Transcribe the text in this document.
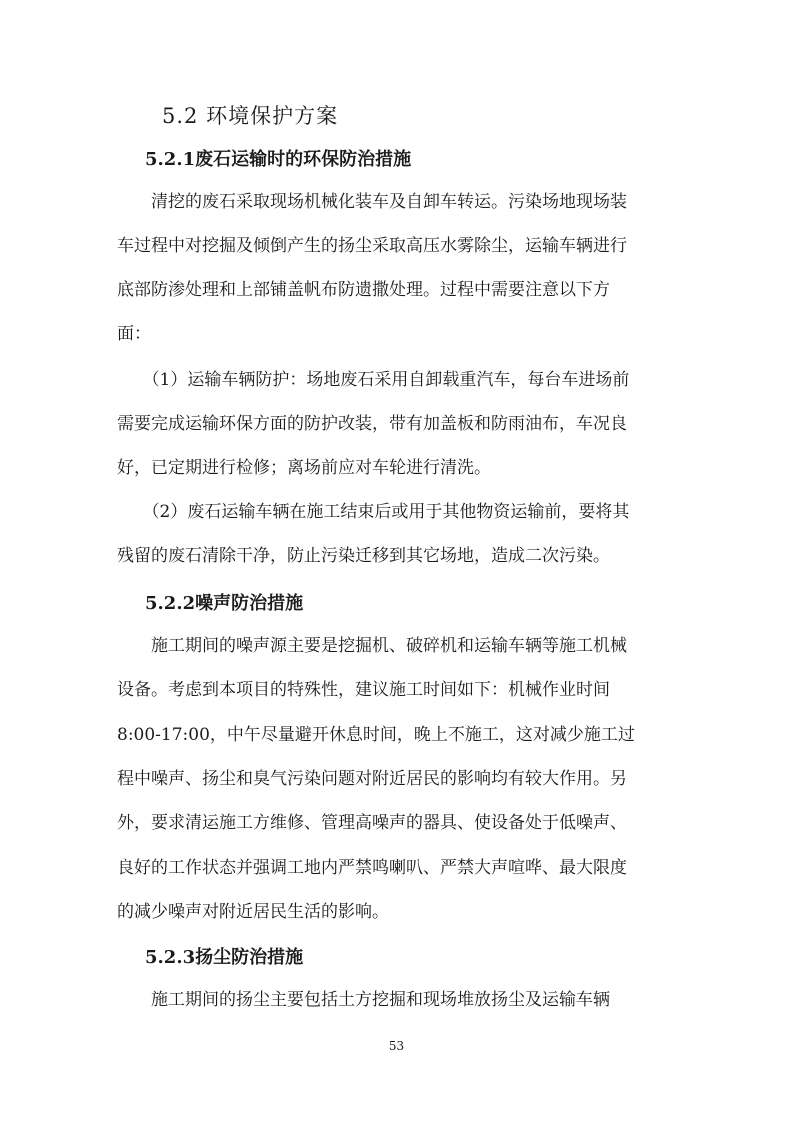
5.2 环境保护方案
5.2.1废石运输时的环保防治措施
　　清挖的废石采取现场机械化装车及自卸车转运。污染场地现场装
车过程中对挖掘及倾倒产生的扬尘采取高压水雾除尘，运输车辆进行
底部防渗处理和上部铺盖帆布防遗撒处理。过程中需要注意以下方
面：
　　（1）运输车辆防护：场地废石采用自卸载重汽车，每台车进场前
需要完成运输环保方面的防护改装，带有加盖板和防雨油布，车况良
好，已定期进行检修；离场前应对车轮进行清洗。
　　（2）废石运输车辆在施工结束后或用于其他物资运输前，要将其
残留的废石清除干净，防止污染迁移到其它场地，造成二次污染。
5.2.2噪声防治措施
　　施工期间的噪声源主要是挖掘机、破碎机和运输车辆等施工机械
设备。考虑到本项目的特殊性，建议施工时间如下：机械作业时间
8:00-17:00，中午尽量避开休息时间，晚上不施工，这对减少施工过
程中噪声、扬尘和臭气污染问题对附近居民的影响均有较大作用。另
外，要求清运施工方维修、管理高噪声的器具、使设备处于低噪声、
良好的工作状态并强调工地内严禁鸣喇叭、严禁大声喧哗、最大限度
的减少噪声对附近居民生活的影响。
5.2.3扬尘防治措施
　　施工期间的扬尘主要包括土方挖掘和现场堆放扬尘及运输车辆
53
